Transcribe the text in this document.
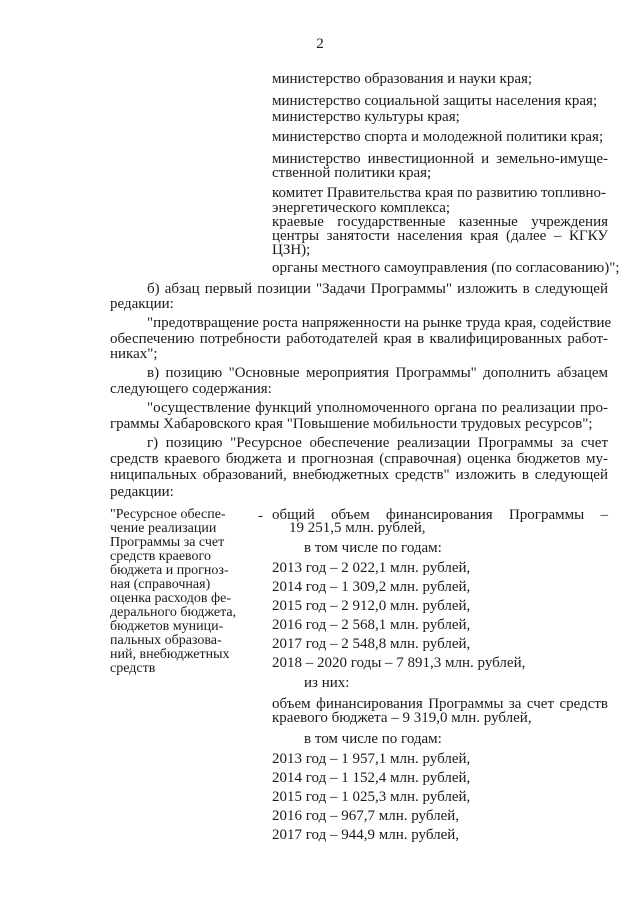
2
министерство образования и науки края;
министерство социальной защиты населения края;
министерство культуры края;
министерство спорта и молодежной политики края;
министерство инвестиционной и земельно-имуще-
ственной политики края;
комитет Правительства края по развитию топливно-
энергетического комплекса;
краевые государственные казенные учреждения
центры занятости населения края (далее – КГКУ
ЦЗН);
органы местного самоуправления (по согласованию)";
б) абзац первый позиции "Задачи Программы" изложить в следующей
редакции:
"предотвращение роста напряженности на рынке труда края, содействие
обеспечению потребности работодателей края в квалифицированных работ-
никах";
в) позицию "Основные мероприятия Программы" дополнить абзацем
следующего содержания:
"осуществление функций уполномоченного органа по реализации про-
граммы Хабаровского края "Повышение мобильности трудовых ресурсов";
г) позицию "Ресурсное обеспечение реализации Программы за счет
средств краевого бюджета и прогнозная (справочная) оценка бюджетов му-
ниципальных образований, внебюджетных средств" изложить в следующей
редакции:
"Ресурсное обеспе-
чение реализации
Программы за счет
средств краевого
бюджета и прогноз-
ная (справочная)
оценка расходов фе-
дерального бюджета,
бюджетов муници-
пальных образова-
ний, внебюджетных
средств
- общий объем финансирования Программы –
19 251,5 млн. рублей,
в том числе по годам:
2013 год – 2 022,1 млн. рублей,
2014 год – 1 309,2 млн. рублей,
2015 год – 2 912,0 млн. рублей,
2016 год – 2 568,1 млн. рублей,
2017 год – 2 548,8 млн. рублей,
2018 – 2020 годы – 7 891,3 млн. рублей,
из них:
объем финансирования Программы за счет средств
краевого бюджета – 9 319,0 млн. рублей,
в том числе по годам:
2013 год – 1 957,1 млн. рублей,
2014 год – 1 152,4 млн. рублей,
2015 год – 1 025,3 млн. рублей,
2016 год – 967,7 млн. рублей,
2017 год – 944,9 млн. рублей,
